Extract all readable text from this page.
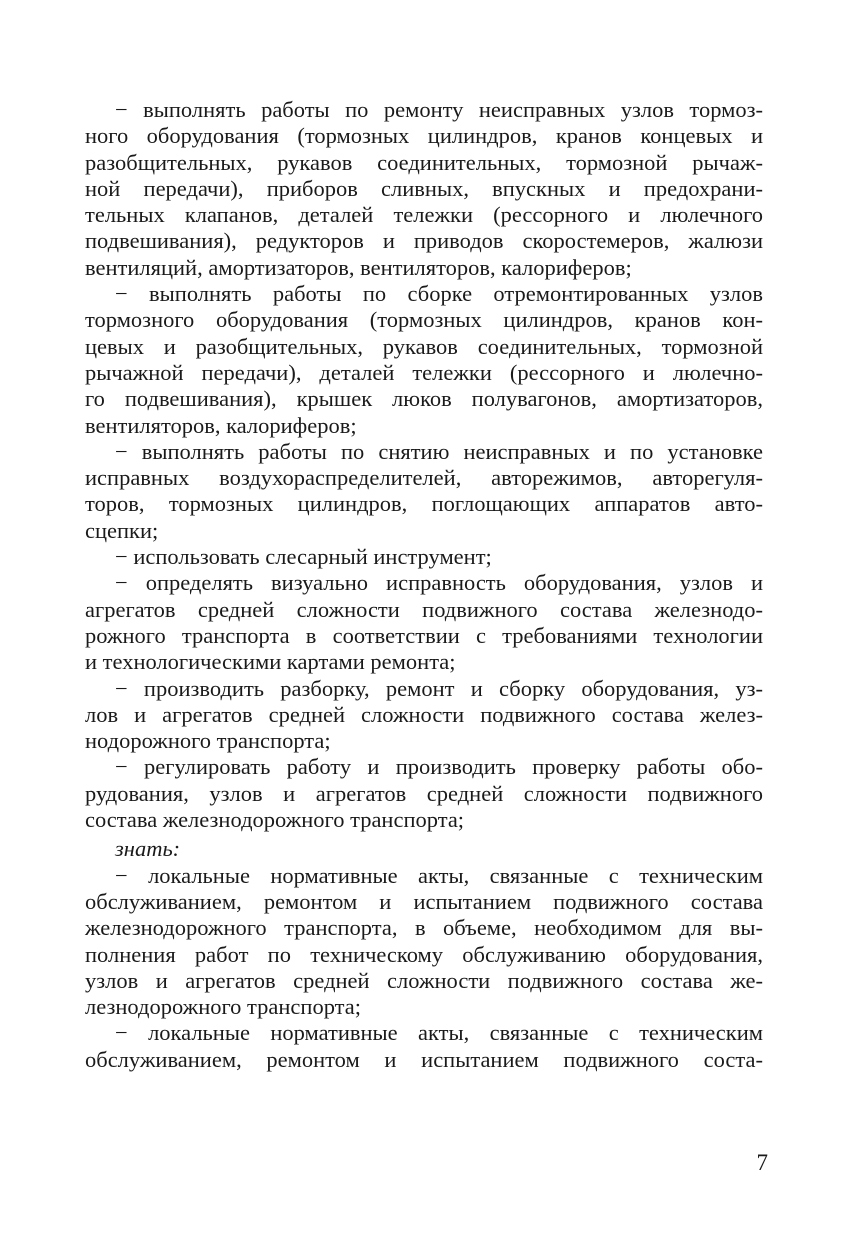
− выполнять работы по ремонту неисправных узлов тормоз-
ного оборудования (тормозных цилиндров, кранов концевых и
разобщительных, рукавов соединительных, тормозной рычаж-
ной передачи), приборов сливных, впускных и предохрани-
тельных клапанов, деталей тележки (рессорного и люлечного
подвешивания), редукторов и приводов скоростемеров, жалюзи
вентиляций, амортизаторов, вентиляторов, калориферов;
− выполнять работы по сборке отремонтированных узлов
тормозного оборудования (тормозных цилиндров, кранов кон-
цевых и разобщительных, рукавов соединительных, тормозной
рычажной передачи), деталей тележки (рессорного и люлечно-
го подвешивания), крышек люков полувагонов, амортизаторов,
вентиляторов, калориферов;
− выполнять работы по снятию неисправных и по установке
исправных воздухораспределителей, авторежимов, авторегуля-
торов, тормозных цилиндров, поглощающих аппаратов авто-
сцепки;
− использовать слесарный инструмент;
− определять визуально исправность оборудования, узлов и
агрегатов средней сложности подвижного состава железнодо-
рожного транспорта в соответствии с требованиями технологии
и технологическими картами ремонта;
− производить разборку, ремонт и сборку оборудования, уз-
лов и агрегатов средней сложности подвижного состава желез-
нодорожного транспорта;
− регулировать работу и производить проверку работы обо-
рудования, узлов и агрегатов средней сложности подвижного
состава железнодорожного транспорта;
знать:
− локальные нормативные акты, связанные с техническим
обслуживанием, ремонтом и испытанием подвижного состава
железнодорожного транспорта, в объеме, необходимом для вы-
полнения работ по техническому обслуживанию оборудования,
узлов и агрегатов средней сложности подвижного состава же-
лезнодорожного транспорта;
− локальные нормативные акты, связанные с техническим
обслуживанием, ремонтом и испытанием подвижного соста-
7
